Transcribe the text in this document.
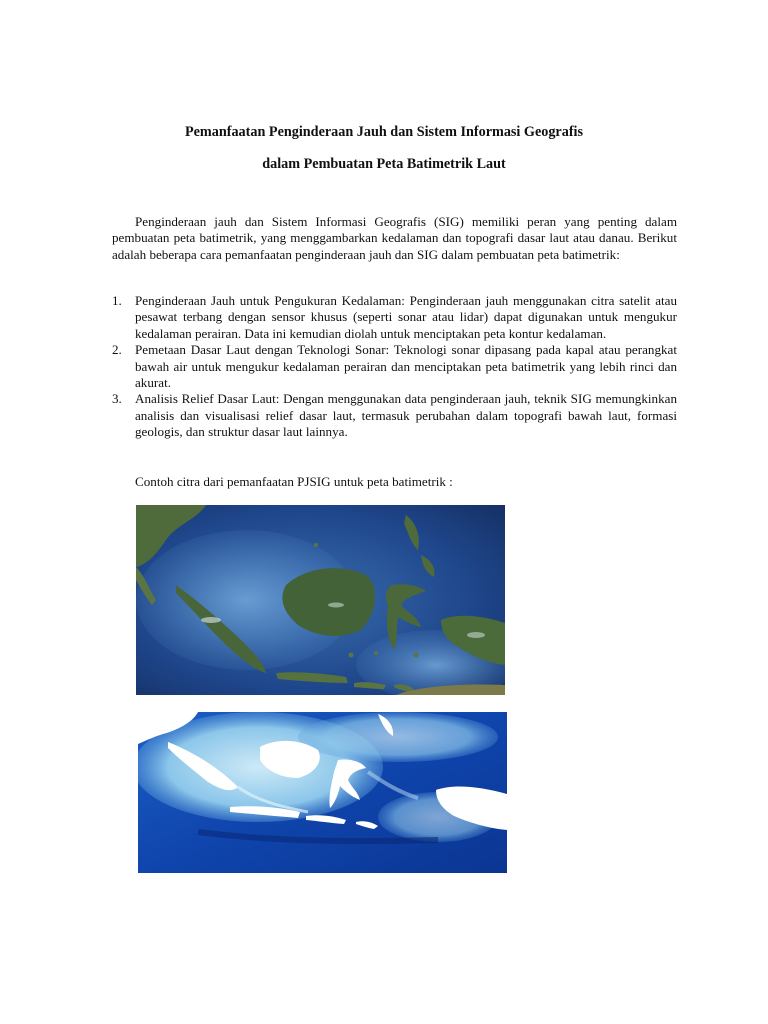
Pemanfaatan Penginderaan Jauh dan Sistem Informasi Geografis
dalam Pembuatan Peta Batimetrik Laut

Penginderaan jauh dan Sistem Informasi Geografis (SIG) memiliki peran yang penting dalam pembuatan peta batimetrik, yang menggambarkan kedalaman dan topografi dasar laut atau danau. Berikut adalah beberapa cara pemanfaatan penginderaan jauh dan SIG dalam pembuatan peta batimetrik:

1. Penginderaan Jauh untuk Pengukuran Kedalaman: Penginderaan jauh menggunakan citra satelit atau pesawat terbang dengan sensor khusus (seperti sonar atau lidar) dapat digunakan untuk mengukur kedalaman perairan. Data ini kemudian diolah untuk menciptakan peta kontur kedalaman.
2. Pemetaan Dasar Laut dengan Teknologi Sonar: Teknologi sonar dipasang pada kapal atau perangkat bawah air untuk mengukur kedalaman perairan dan menciptakan peta batimetrik yang lebih rinci dan akurat.
3. Analisis Relief Dasar Laut: Dengan menggunakan data penginderaan jauh, teknik SIG memungkinkan analisis dan visualisasi relief dasar laut, termasuk perubahan dalam topografi bawah laut, formasi geologis, dan struktur dasar laut lainnya.

Contoh citra dari pemanfaatan PJSIG untuk peta batimetrik :
